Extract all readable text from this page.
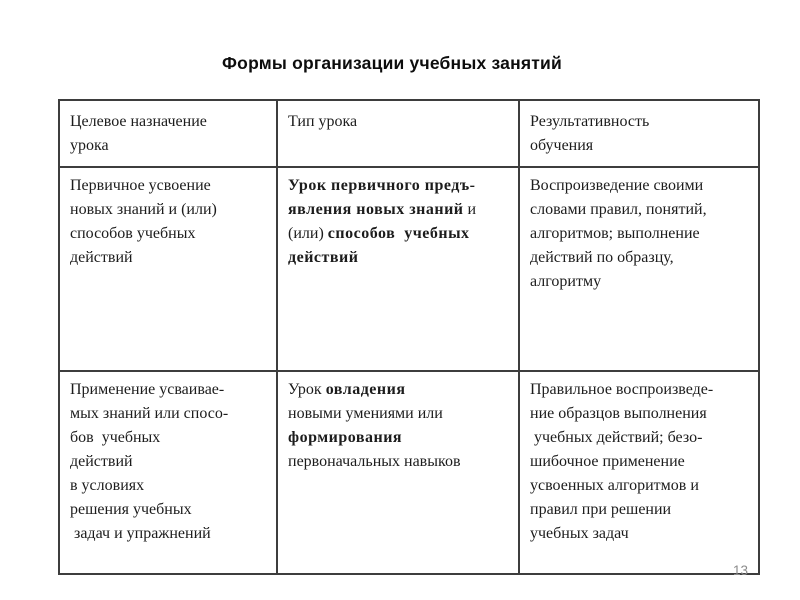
Формы организации учебных занятий
Целевое назначение
урока

Тип урока	Результативность
обучения

Первичное усвоение
новых знаний и (или)
способов учебных
действий

Урок первичного предъ-
явления новых знаний и
(или) способов  учебных
действий

Воспроизведение своими
словами правил, понятий,
алгоритмов; выполнение
действий по образцу,
алгоритму

Применение усваивае-
мых знаний или спосо-
бов  учебных
действий
в условиях
решения учебных
задач и упражнений

Урок овладения
новыми умениями или
формирования
первоначальных навыков

Правильное воспроизведе-
ние образцов выполнения
учебных действий; безо-
шибочное применение
усвоенных алгоритмов и
правил при решении
учебных задач
13
